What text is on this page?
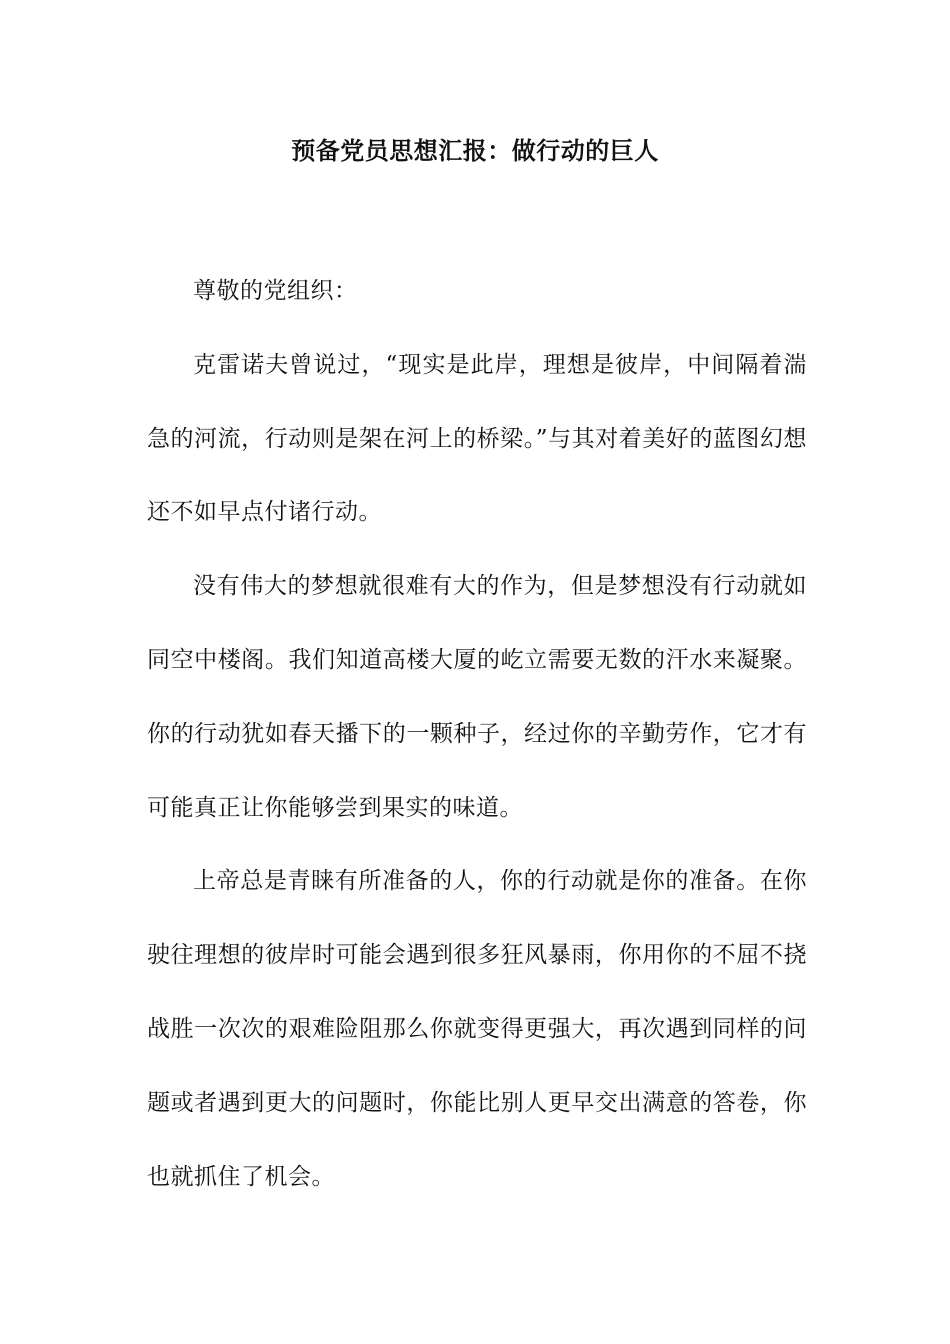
预备党员思想汇报：做行动的巨人

尊敬的党组织：

克雷诺夫曾说过，“现实是此岸，理想是彼岸，中间隔着湍急的河流，行动则是架在河上的桥梁。”与其对着美好的蓝图幻想还不如早点付诸行动。

没有伟大的梦想就很难有大的作为，但是梦想没有行动就如同空中楼阁。我们知道高楼大厦的屹立需要无数的汗水来凝聚。你的行动犹如春天播下的一颗种子，经过你的辛勤劳作，它才有可能真正让你能够尝到果实的味道。

上帝总是青睐有所准备的人，你的行动就是你的准备。在你驶往理想的彼岸时可能会遇到很多狂风暴雨，你用你的不屈不挠战胜一次次的艰难险阻那么你就变得更强大，再次遇到同样的问题或者遇到更大的问题时，你能比别人更早交出满意的答卷，你也就抓住了机会。
